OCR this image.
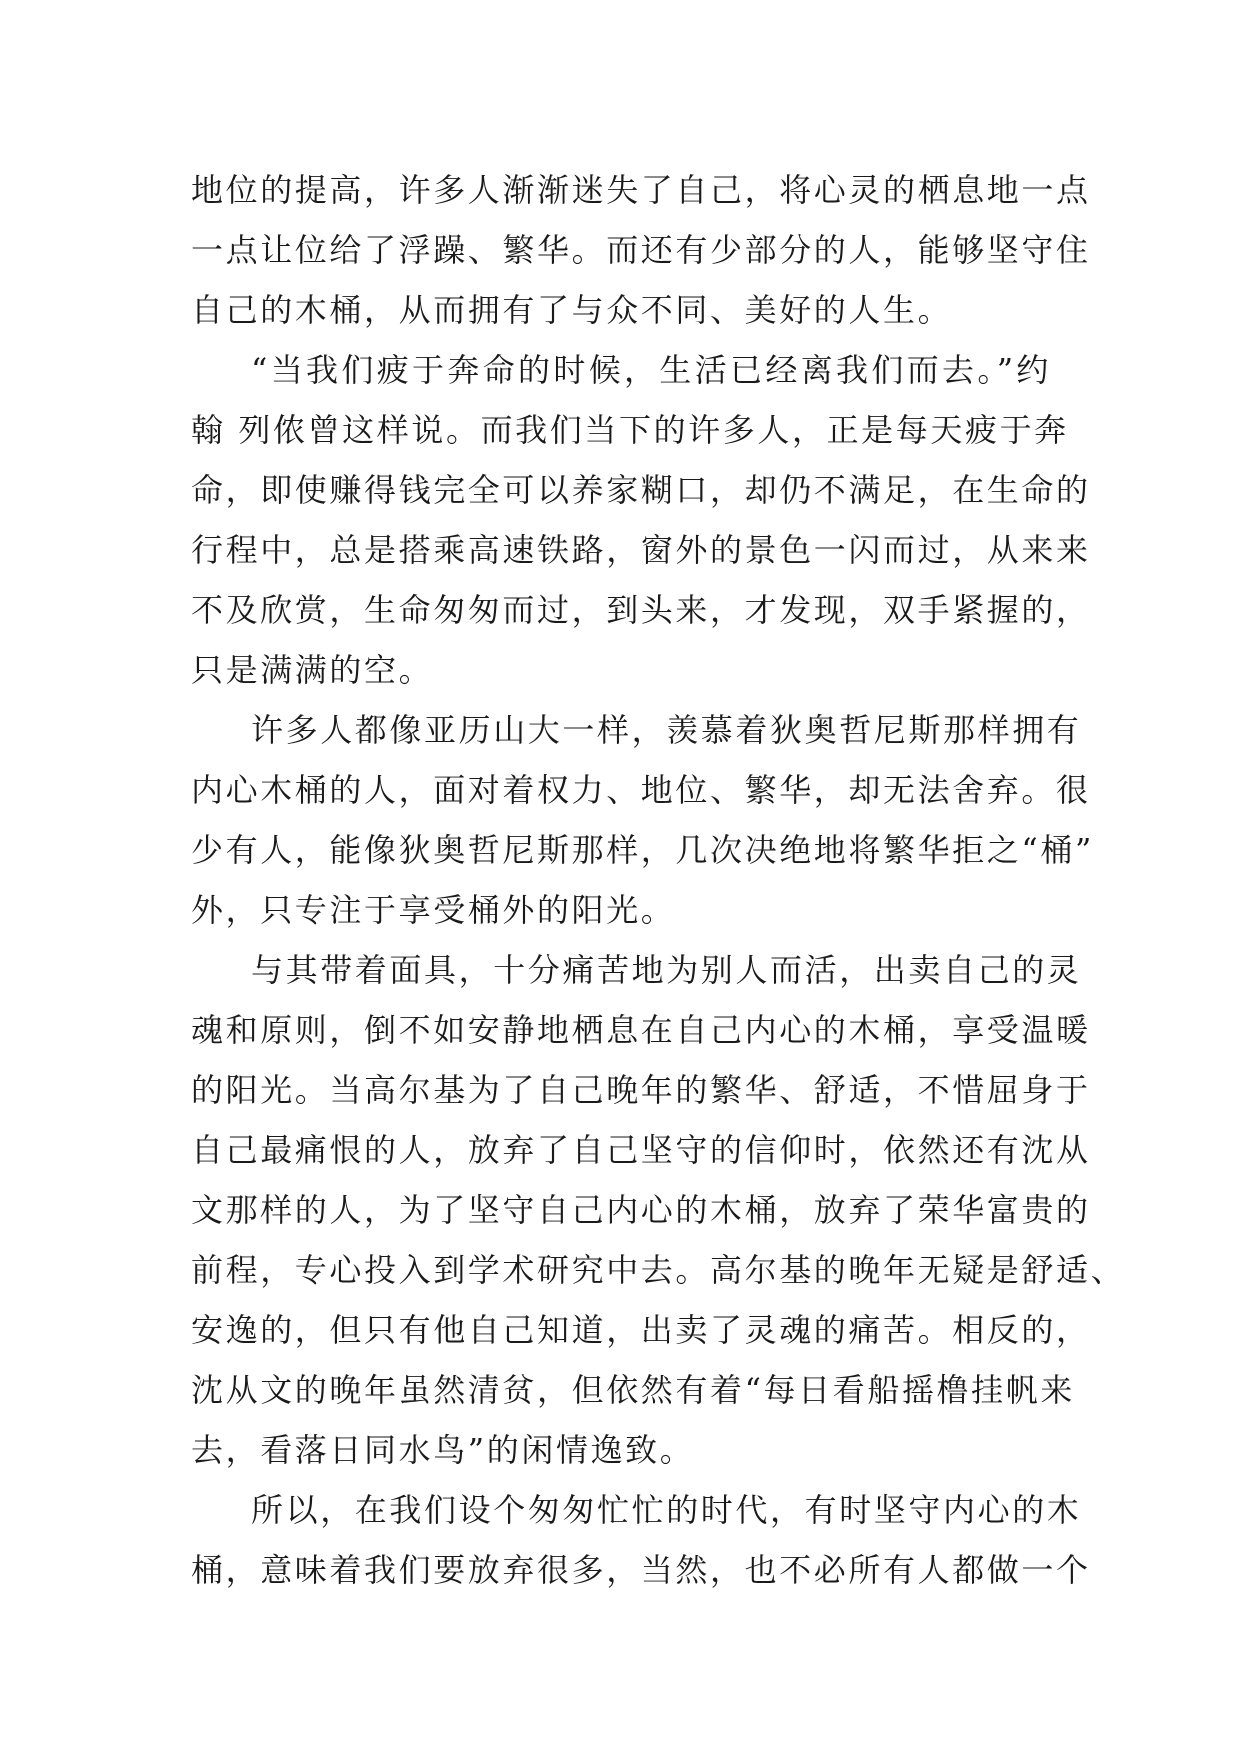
地位的提高，许多人渐渐迷失了自己，将心灵的栖息地一点
一点让位给了浮躁、繁华。而还有少部分的人，能够坚守住
自己的木桶，从而拥有了与众不同、美好的人生。
“当我们疲于奔命的时候，生活已经离我们而去。”约
翰 列侬曾这样说。而我们当下的许多人，正是每天疲于奔
命，即使赚得钱完全可以养家糊口，却仍不满足，在生命的
行程中，总是搭乘高速铁路，窗外的景色一闪而过，从来来
不及欣赏，生命匆匆而过，到头来，才发现，双手紧握的，
只是满满的空。
许多人都像亚历山大一样，羡慕着狄奥哲尼斯那样拥有
内心木桶的人，面对着权力、地位、繁华，却无法舍弃。很
少有人，能像狄奥哲尼斯那样，几次决绝地将繁华拒之“桶”
外，只专注于享受桶外的阳光。
与其带着面具，十分痛苦地为别人而活，出卖自己的灵
魂和原则，倒不如安静地栖息在自己内心的木桶，享受温暖
的阳光。当高尔基为了自己晚年的繁华、舒适，不惜屈身于
自己最痛恨的人，放弃了自己坚守的信仰时，依然还有沈从
文那样的人，为了坚守自己内心的木桶，放弃了荣华富贵的
前程，专心投入到学术研究中去。高尔基的晚年无疑是舒适、
安逸的，但只有他自己知道，出卖了灵魂的痛苦。相反的，
沈从文的晚年虽然清贫，但依然有着“每日看船摇橹挂帆来
去，看落日同水鸟”的闲情逸致。
所以，在我们设个匆匆忙忙的时代，有时坚守内心的木
桶，意味着我们要放弃很多，当然，也不必所有人都做一个
